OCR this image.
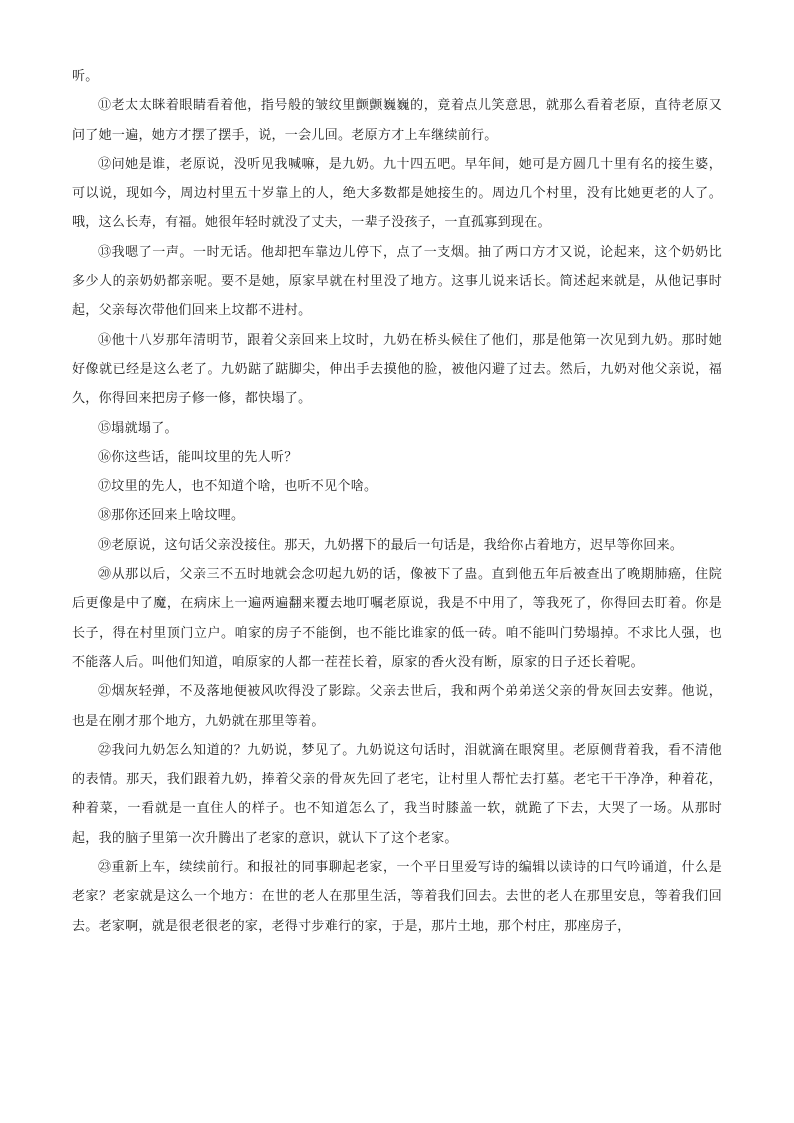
听。

⑪老太太眯着眼睛看着他，指号般的皱纹里颤颤巍巍的，竟着点儿笑意思，就那么看着老原，直待老原又问了她一遍，她方才摆了摆手，说，一会儿回。老原方才上车继续前行。

⑫问她是谁，老原说，没听见我喊嘛，是九奶。九十四五吧。早年间，她可是方圆几十里有名的接生婆，可以说，现如今，周边村里五十岁靠上的人，绝大多数都是她接生的。周边几个村里，没有比她更老的人了。哦，这么长寿，有福。她很年轻时就没了丈夫，一辈子没孩子，一直孤寡到现在。

⑬我嗯了一声。一时无话。他却把车靠边儿停下，点了一支烟。抽了两口方才又说，论起来，这个奶奶比多少人的亲奶奶都亲呢。要不是她，原家早就在村里没了地方。这事儿说来话长。简述起来就是，从他记事时起，父亲每次带他们回来上坟都不进村。

⑭他十八岁那年清明节，跟着父亲回来上坟时，九奶在桥头候住了他们，那是他第一次见到九奶。那时她好像就已经是这么老了。九奶踮了踮脚尖，伸出手去摸他的脸，被他闪避了过去。然后，九奶对他父亲说，福久，你得回来把房子修一修，都快塌了。

⑮塌就塌了。

⑯你这些话，能叫坟里的先人听？

⑰坟里的先人，也不知道个啥，也听不见个啥。

⑱那你还回来上啥坟哩。

⑲老原说，这句话父亲没接住。那天，九奶撂下的最后一句话是，我给你占着地方，迟早等你回来。

⑳从那以后，父亲三不五时地就会念叨起九奶的话，像被下了蛊。直到他五年后被查出了晚期肺癌，住院后更像是中了魔，在病床上一遍两遍翻来覆去地叮嘱老原说，我是不中用了，等我死了，你得回去盯着。你是长子，得在村里顶门立户。咱家的房子不能倒，也不能比谁家的低一砖。咱不能叫门势塌掉。不求比人强，也不能落人后。叫他们知道，咱原家的人都一茬茬长着，原家的香火没有断，原家的日子还长着呢。

㉑烟灰轻弹，不及落地便被风吹得没了影踪。父亲去世后，我和两个弟弟送父亲的骨灰回去安葬。他说，也是在刚才那个地方，九奶就在那里等着。

㉒我问九奶怎么知道的？九奶说，梦见了。九奶说这句话时，泪就滴在眼窝里。老原侧背着我，看不清他的表情。那天，我们跟着九奶，捧着父亲的骨灰先回了老宅，让村里人帮忙去打墓。老宅干干净净，种着花，种着菜，一看就是一直住人的样子。也不知道怎么了，我当时膝盖一软，就跪了下去，大哭了一场。从那时起，我的脑子里第一次升腾出了老家的意识，就认下了这个老家。

㉓重新上车，续续前行。和报社的同事聊起老家，一个平日里爱写诗的编辑以读诗的口气吟诵道，什么是老家？老家就是这么一个地方：在世的老人在那里生活，等着我们回去。去世的老人在那里安息，等着我们回去。老家啊，就是很老很老的家，老得寸步难行的家，于是，那片土地，那个村庄，那座房子，
